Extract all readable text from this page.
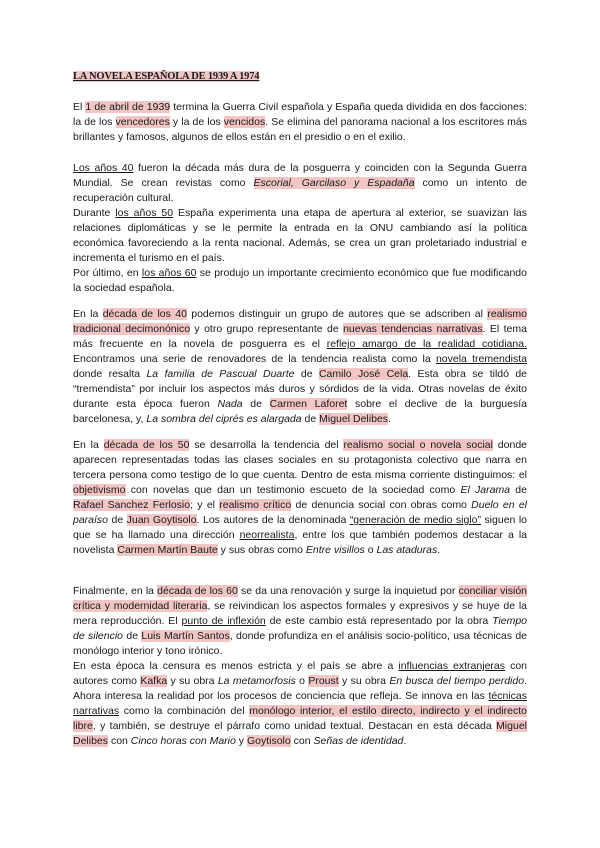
LA NOVELA ESPAÑOLA DE 1939 A 1974

El 1 de abril de 1939 termina la Guerra Civil española y España queda dividida en dos facciones: la de los vencedores y la de los vencidos. Se elimina del panorama nacional a los escritores más brillantes y famosos, algunos de ellos están en el presidio o en el exilio.

Los años 40 fueron la década más dura de la posguerra y coinciden con la Segunda Guerra Mundial. Se crean revistas como Escorial, Garcilaso y Espadaña como un intento de recuperación cultural.

Durante los años 50 España experimenta una etapa de apertura al exterior, se suavizan las relaciones diplomáticas y se le permite la entrada en la ONU cambiando así la política económica favoreciendo a la renta nacional. Además, se crea un gran proletariado industrial e incrementa el turismo en el país.

Por último, en los años 60 se produjo un importante crecimiento económico que fue modificando la sociedad española.

En la década de los 40 podemos distinguir un grupo de autores que se adscriben al realismo tradicional decimonónico y otro grupo representante de nuevas tendencias narrativas. El tema más frecuente en la novela de posguerra es el reflejo amargo de la realidad cotidiana. Encontramos una serie de renovadores de la tendencia realista como la novela tremendista donde resalta La familia de Pascual Duarte de Camilo José Cela. Esta obra se tildó de “tremendista” por incluir los aspectos más duros y sórdidos de la vida. Otras novelas de éxito durante esta época fueron Nada de Carmen Laforet sobre el declive de la burguesía barcelonesa, y, La sombra del ciprés es alargada de Miguel Delibes.

En la década de los 50 se desarrolla la tendencia del realismo social o novela social donde aparecen representadas todas las clases sociales en su protagonista colectivo que narra en tercera persona como testigo de lo que cuenta. Dentro de esta misma corriente distinguimos: el objetivismo con novelas que dan un testimonio escueto de la sociedad como El Jarama de Rafael Sanchez Ferlosio; y el realismo crítico de denuncia social con obras como Duelo en el paraíso de Juan Goytisolo. Los autores de la denominada “generación de medio siglo” siguen lo que se ha llamado una dirección neorrealista, entre los que también podemos destacar a la novelista Carmen Martín Baute y sus obras como Entre visillos o Las ataduras.

Finalmente, en la década de los 60 se da una renovación y surge la inquietud por conciliar visión crítica y modernidad literaria, se reivindican los aspectos formales y expresivos y se huye de la mera reproducción. El punto de inflexión de este cambio está representado por la obra Tiempo de silencio de Luis Martín Santos, donde profundiza en el análisis socio-político, usa técnicas de monólogo interior y tono irónico.

En esta época la censura es menos estricta y el país se abre a influencias extranjeras con autores como Kafka y su obra La metamorfosis o Proust y su obra En busca del tiempo perdido. Ahora interesa la realidad por los procesos de conciencia que refleja. Se innova en las técnicas narrativas como la combinación del monólogo interior, el estilo directo, indirecto y el indirecto libre, y también, se destruye el párrafo como unidad textual. Destacan en esta década Miguel Delibes con Cinco horas con Mario y Goytisolo con Señas de identidad.
